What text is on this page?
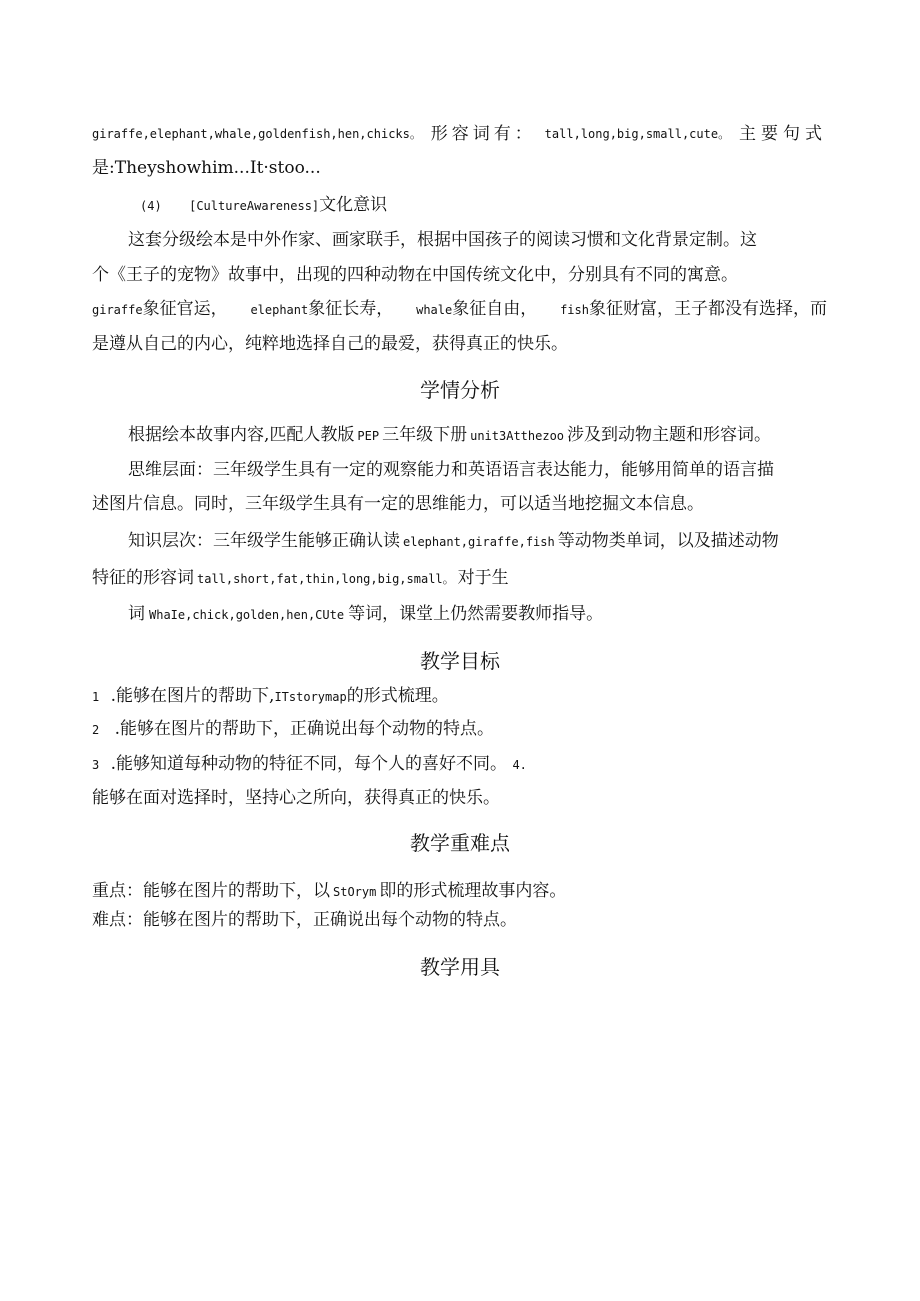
giraffe,elephant,whale,goldenfish,hen,chicks。 形容词有： tall,long,big,small,cute。 主要句式
是:Theyshowhim...It·stoo...
(4) [CultureAwareness]文化意识
这套分级绘本是中外作家、画家联手，根据中国孩子的阅读习惯和文化背景定制。这
个《王子的宠物》故事中，出现的四种动物在中国传统文化中，分别具有不同的寓意。
giraffe象征官运， elephant象征长寿， whale象征自由， fish象征财富，王子都没有选择，而
是遵从自己的内心，纯粹地选择自己的最爱，获得真正的快乐。
学情分析
根据绘本故事内容,匹配人教版 PEP 三年级下册 unit3Atthezoo 涉及到动物主题和形容词。
思维层面：三年级学生具有一定的观察能力和英语语言表达能力，能够用简单的语言描
述图片信息。同时，三年级学生具有一定的思维能力，可以适当地挖掘文本信息。
知识层次：三年级学生能够正确认读 elephant,giraffe,fish 等动物类单词，以及描述动物
特征的形容词 tall,short,fat,thin,long,big,small。 对于生
词 WhaIe,chick,golden,hen,CUte 等词，课堂上仍然需要教师指导。
教学目标
1 .能够在图片的帮助下,ITstorymap的形式梳理。
2 .能够在图片的帮助下，正确说出每个动物的特点。
3 .能够知道每种动物的特征不同，每个人的喜好不同。 4.
能够在面对选择时，坚持心之所向，获得真正的快乐。
教学重难点
重点：能够在图片的帮助下，以 StOrym 即的形式梳理故事内容。
难点：能够在图片的帮助下，正确说出每个动物的特点。
教学用具
